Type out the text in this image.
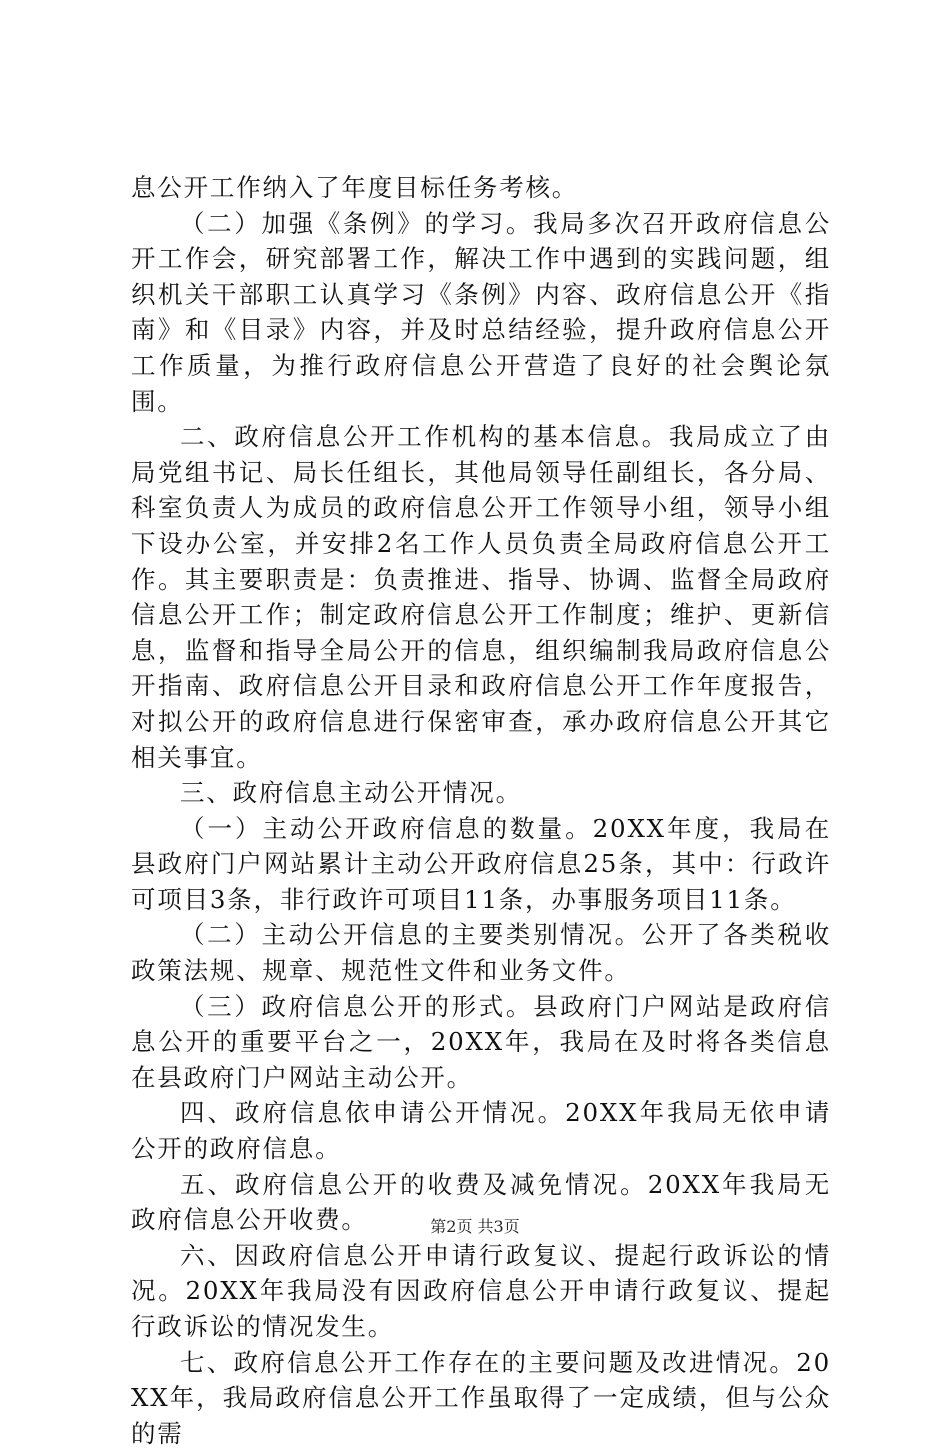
息公开工作纳入了年度目标任务考核。

（二）加强《条例》的学习。我局多次召开政府信息公开工作会，研究部署工作，解决工作中遇到的实践问题，组织机关干部职工认真学习《条例》内容、政府信息公开《指南》和《目录》内容，并及时总结经验，提升政府信息公开工作质量，为推行政府信息公开营造了良好的社会舆论氛围。

二、政府信息公开工作机构的基本信息。我局成立了由局党组书记、局长任组长，其他局领导任副组长，各分局、科室负责人为成员的政府信息公开工作领导小组，领导小组下设办公室，并安排2名工作人员负责全局政府信息公开工作。其主要职责是：负责推进、指导、协调、监督全局政府信息公开工作；制定政府信息公开工作制度；维护、更新信息，监督和指导全局公开的信息，组织编制我局政府信息公开指南、政府信息公开目录和政府信息公开工作年度报告，对拟公开的政府信息进行保密审查，承办政府信息公开其它相关事宜。

三、政府信息主动公开情况。

（一）主动公开政府信息的数量。20XX年度，我局在县政府门户网站累计主动公开政府信息25条，其中：行政许可项目3条，非行政许可项目11条，办事服务项目11条。

（二）主动公开信息的主要类别情况。公开了各类税收政策法规、规章、规范性文件和业务文件。

（三）政府信息公开的形式。县政府门户网站是政府信息公开的重要平台之一，20XX年，我局在及时将各类信息在县政府门户网站主动公开。

四、政府信息依申请公开情况。20XX年我局无依申请公开的政府信息。

五、政府信息公开的收费及减免情况。20XX年我局无政府信息公开收费。

六、因政府信息公开申请行政复议、提起行政诉讼的情况。20XX年我局没有因政府信息公开申请行政复议、提起行政诉讼的情况发生。

七、政府信息公开工作存在的主要问题及改进情况。20XX年，我局政府信息公开工作虽取得了一定成绩，但与公众的需

第2页 共3页
